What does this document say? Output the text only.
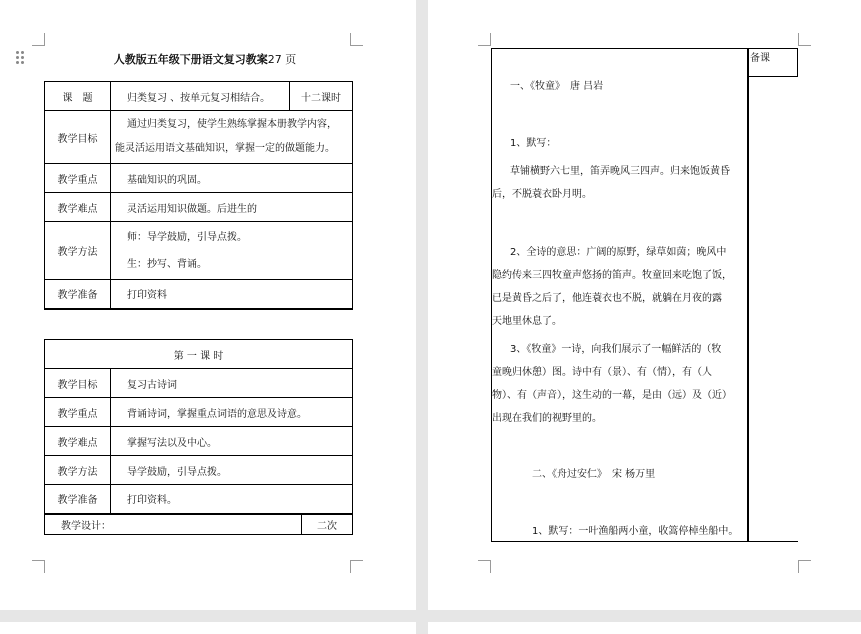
人教版五年级下册语文复习教案27 页
课　题	归类复习 、按单元复习相结合。	十二课时
教学目标	通过归类复习，使学生熟练掌握本册教学内容，
能灵活运用语文基础知识，掌握一定的做题能力。	

教学重点	基础知识的巩固。	
教学难点	灵活运用知识做题。后进生的	
教学方法	师：导学鼓励，引导点拨。
生：抄写、背诵。	

教学准备	打印资料	
第 一 课 时		
教学目标	复习古诗词	
教学重点	背诵诗词，掌握重点词语的意思及诗意。	
教学难点	掌握写法以及中心。	
教学方法	导学鼓励，引导点拨。	
教学准备	打印资料。	
教学设计：		二次
备课
一、《牧童》　唐 吕岩
1、默写：
草铺横野六七里，笛弄晚风三四声。归来饱饭黄昏
后，不脱蓑衣卧月明。
2、全诗的意思：广阔的原野，绿草如茵；晚风中
隐约传来三四牧童声悠扬的笛声。牧童回来吃饱了饭，
已是黄昏之后了，他连蓑衣也不脱，就躺在月夜的露
天地里休息了。
3、《牧童》一诗，向我们展示了一幅鲜活的（牧
童晚归休憩）图。诗中有（景）、有（情），有（人
物）、有（声音），这生动的一幕，是由（远）及（近）
出现在我们的视野里的。
二、《舟过安仁》　宋 杨万里
1、默写：一叶渔船两小童，收篙停棹坐船中。
